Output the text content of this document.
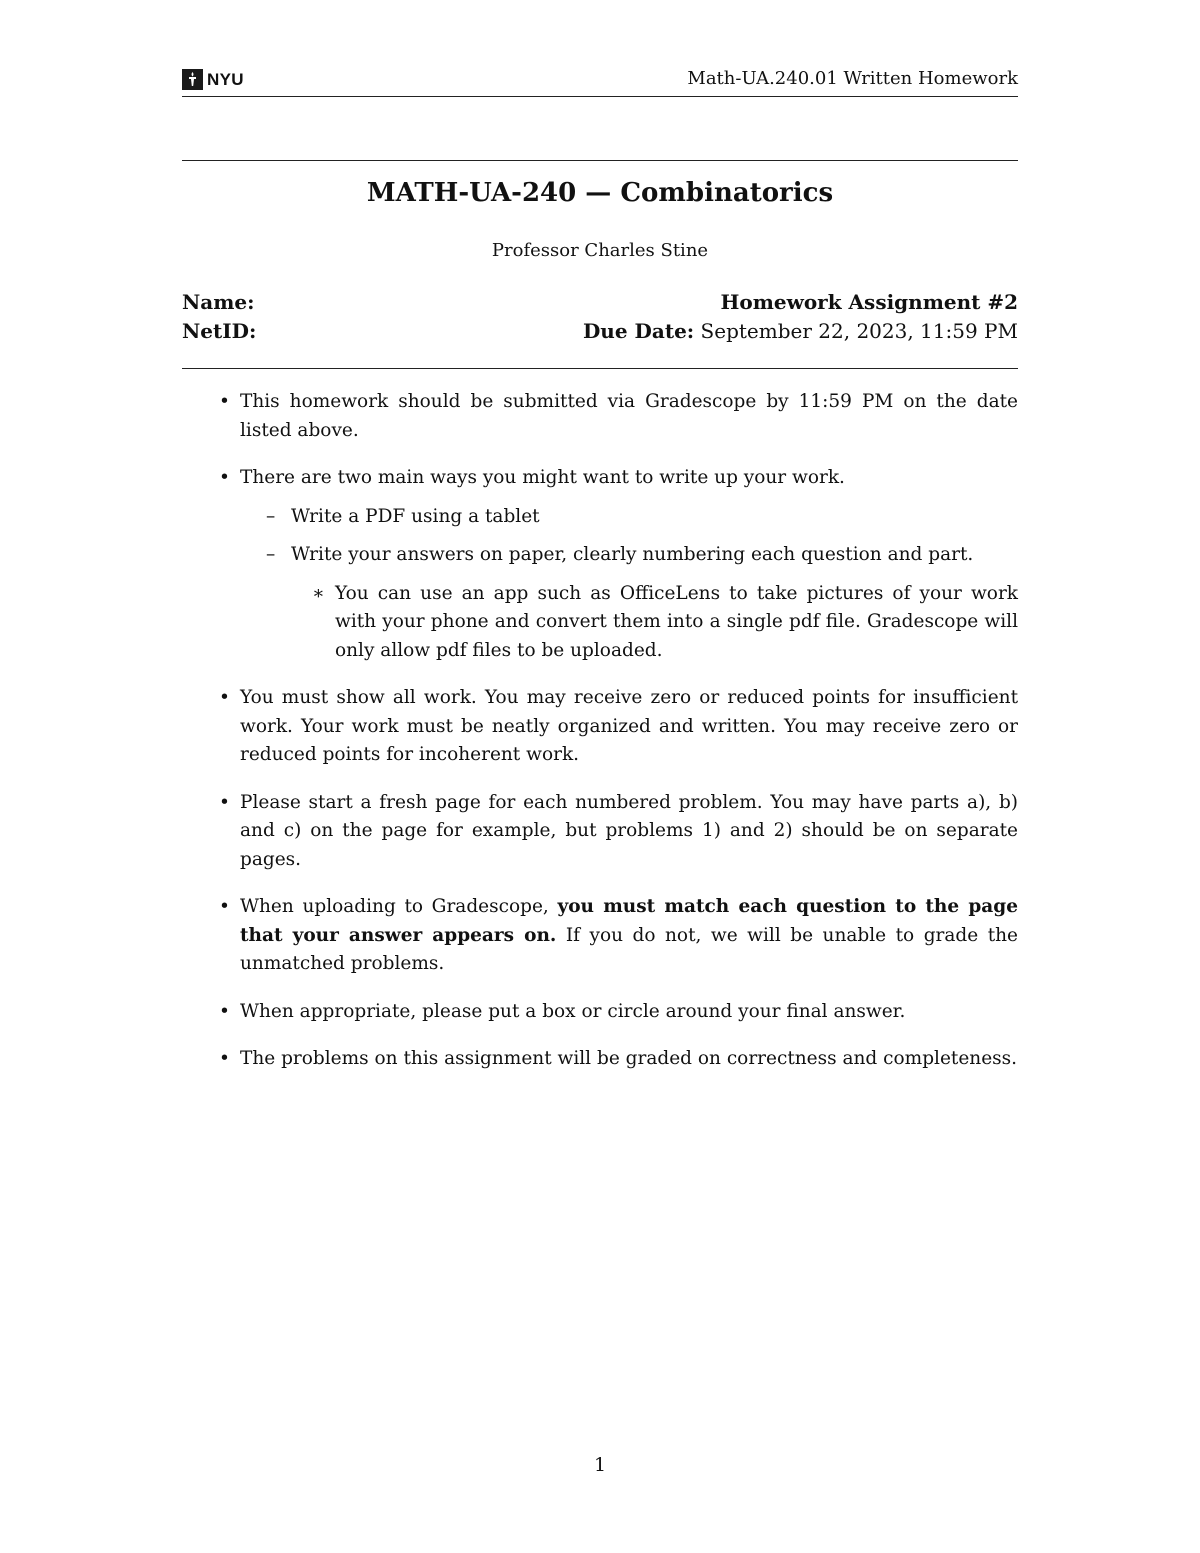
NYU	Math-UA.240.01 Written Homework
MATH-UA-240 — Combinatorics
Professor Charles Stine
Name:	Homework Assignment #2
NetID:	Due Date: September 22, 2023, 11:59 PM
• This homework should be submitted via Gradescope by 11:59 PM on the date listed above.
• There are two main ways you might want to write up your work.
– Write a PDF using a tablet
– Write your answers on paper, clearly numbering each question and part.
∗ You can use an app such as OfficeLens to take pictures of your work with your phone and convert them into a single pdf file. Gradescope will only allow pdf files to be uploaded.
• You must show all work. You may receive zero or reduced points for insufficient work. Your work must be neatly organized and written. You may receive zero or reduced points for incoherent work.
• Please start a fresh page for each numbered problem. You may have parts a), b) and c) on the page for example, but problems 1) and 2) should be on separate pages.
• When uploading to Gradescope, you must match each question to the page that your answer appears on. If you do not, we will be unable to grade the unmatched problems.
• When appropriate, please put a box or circle around your final answer.
• The problems on this assignment will be graded on correctness and completeness.
1
